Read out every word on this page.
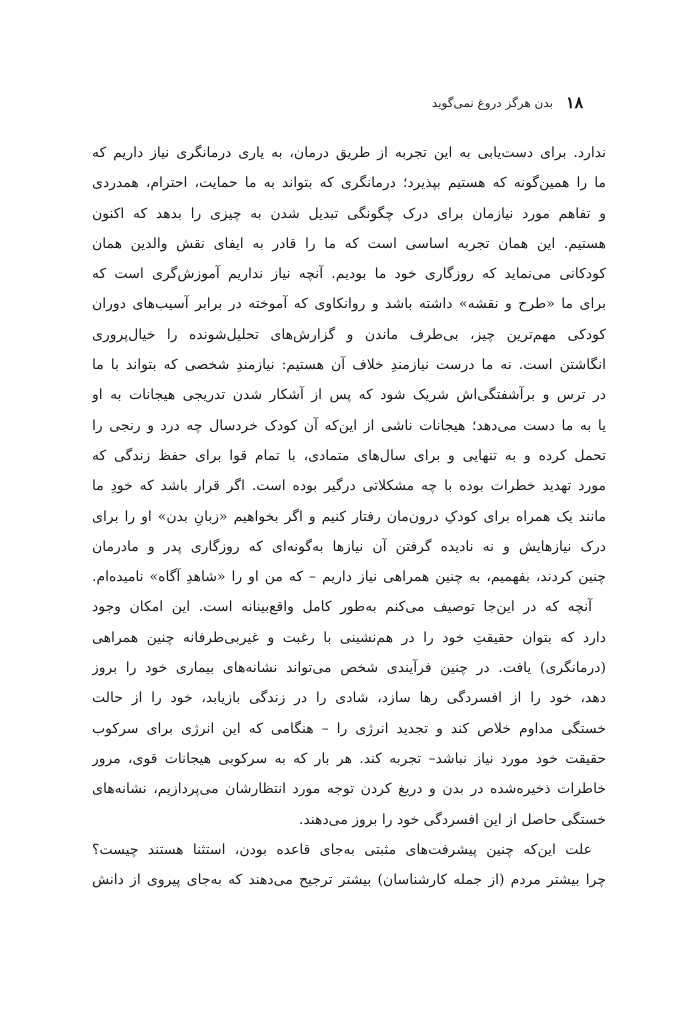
۱۸
بدن هرگز دروغ نمی‌گوید
ندارد. برای دست‌یابی به این تجربه از طریق درمان، به یاری درمانگری نیاز داریم که
ما را همین‌گونه که هستیم بپذیرد؛ درمانگری که بتواند به ما حمایت، احترام، همدردی
و تفاهم مورد نیازمان برای درک چگونگی تبدیل شدن به چیزی را بدهد که اکنون
هستیم. این همان تجربه اساسی است که ما را قادر به ایفای نقش والدین همان
کودکانی می‌نماید که روزگاری خود ما بودیم. آنچه نیاز نداریم آموزش‌گری است که
برای ما «طرح و نقشه» داشته باشد و روانکاوی که آموخته در برابر آسیب‌های دوران
کودکی مهم‌ترین چیز، بی‌طرف ماندن و گزارش‌های تحلیل‌شونده را خیال‌پروری
انگاشتن است. نه ما درست نیازمندِ خلاف آن هستیم: نیازمندِ شخصی که بتواند با ما
در ترس و برآشفتگی‌اش شریک شود که پس از آشکار شدن تدریجی هیجانات به او
یا به ما دست می‌دهد؛ هیجانات ناشی از این‌که آن کودک خردسال چه درد و رنجی را
تحمل کرده و به تنهایی و برای سال‌های متمادی، با تمام قوا برای حفظ زندگی که
مورد تهدید خطرات بوده با چه مشکلاتی درگیر بوده است. اگر قرار باشد که خودِ ما
مانند یک همراه برای کودکِ درون‌مان رفتار کنیم و اگر بخواهیم «زبانِ بدن» او را برای
درک نیازهایش و نه نادیده گرفتن آن نیازها به‌گونه‌ای که روزگاری پدر و مادرمان
چنین کردند، بفهمیم، به چنین همراهی نیاز داریم – که من او را «شاهدِ آگاه» نامیده‌ام.
آنچه که در این‌جا توصیف می‌کنم به‌طور کامل واقع‌بینانه است. این امکان وجود
دارد که بتوان حقیقتِ خود را در هم‌نشینی با رغبت و غیربی‌طرفانه چنین همراهی
(درمانگری) یافت. در چنین فرآیندی شخص می‌تواند نشانه‌های بیماری خود را بروز
دهد، خود را از افسردگی رها سازد، شادی را در زندگی بازیابد، خود را از حالت
خستگی مداوم خلاص کند و تجدید انرژی را – هنگامی که این انرژی برای سرکوب
حقیقت خود مورد نیاز نباشد– تجربه کند. هر بار که به سرکوبی هیجانات قوی، مرور
خاطرات ذخیره‌شده در بدن و دریغ کردن توجه مورد انتظارشان می‌پردازیم، نشانه‌های
خستگی حاصل از این افسردگی خود را بروز می‌دهند.
علت این‌که چنین پیشرفت‌های مثبتی به‌جای قاعده بودن، استثنا هستند چیست؟
چرا بیشتر مردم (از جمله کارشناسان) بیشتر ترجیح می‌دهند که به‌جای پیروی از دانش
